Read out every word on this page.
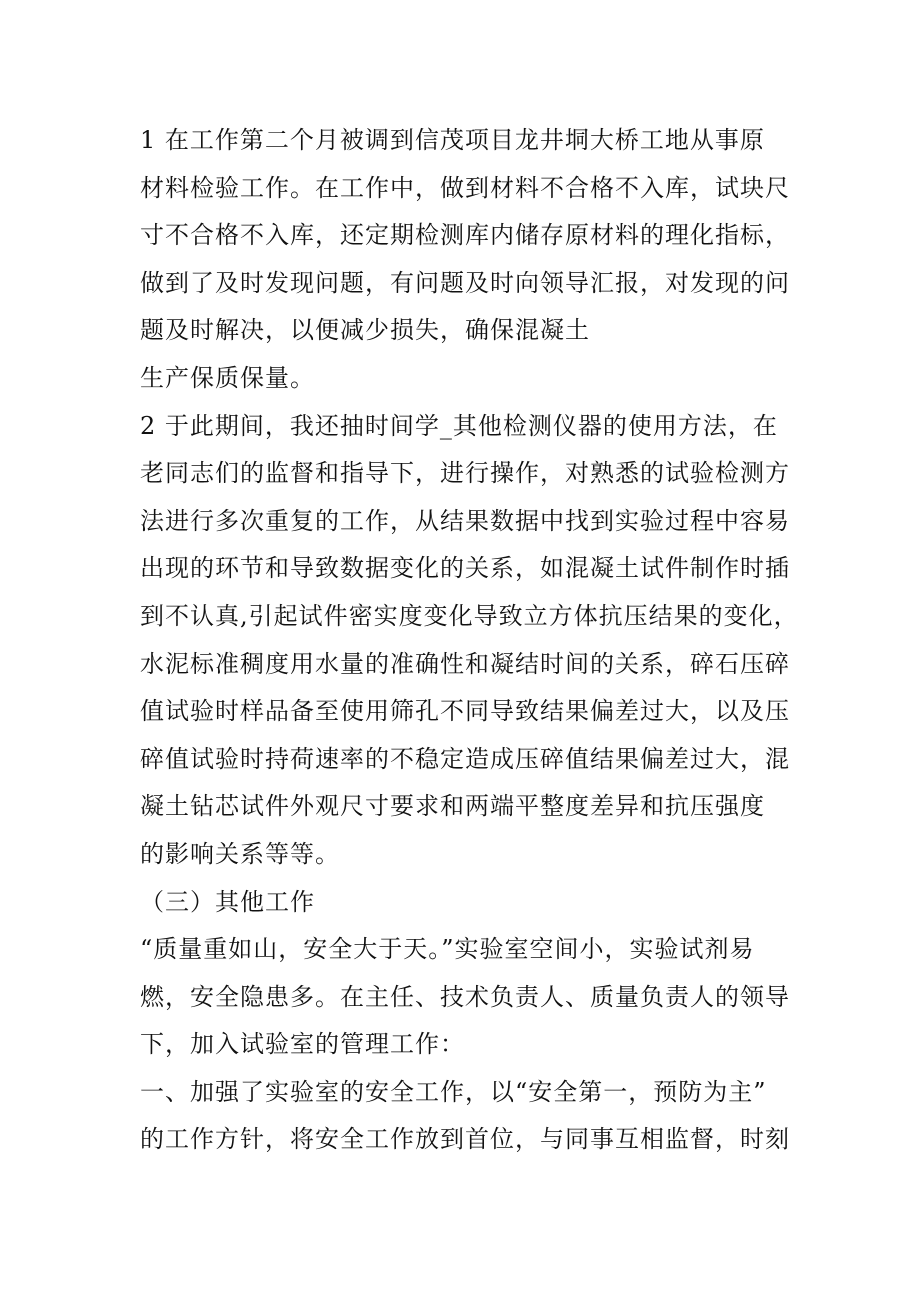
1 在工作第二个月被调到信茂项目龙井垌大桥工地从事原
材料检验工作。在工作中，做到材料不合格不入库，试块尺
寸不合格不入库，还定期检测库内储存原材料的理化指标，
做到了及时发现问题，有问题及时向领导汇报，对发现的问
题及时解决，以便减少损失，确保混凝土
生产保质保量。
2 于此期间，我还抽时间学_其他检测仪器的使用方法，在
老同志们的监督和指导下，进行操作，对熟悉的试验检测方
法进行多次重复的工作，从结果数据中找到实验过程中容易
出现的环节和导致数据变化的关系，如混凝土试件制作时插
到不认真,引起试件密实度变化导致立方体抗压结果的变化，
水泥标准稠度用水量的准确性和凝结时间的关系，碎石压碎
值试验时样品备至使用筛孔不同导致结果偏差过大，以及压
碎值试验时持荷速率的不稳定造成压碎值结果偏差过大，混
凝土钻芯试件外观尺寸要求和两端平整度差异和抗压强度
的影响关系等等。
（三）其他工作
“质量重如山，安全大于天。”实验室空间小，实验试剂易
燃，安全隐患多。在主任、技术负责人、质量负责人的领导
下，加入试验室的管理工作：
一、加强了实验室的安全工作，以“安全第一，预防为主”
的工作方针，将安全工作放到首位，与同事互相监督，时刻
